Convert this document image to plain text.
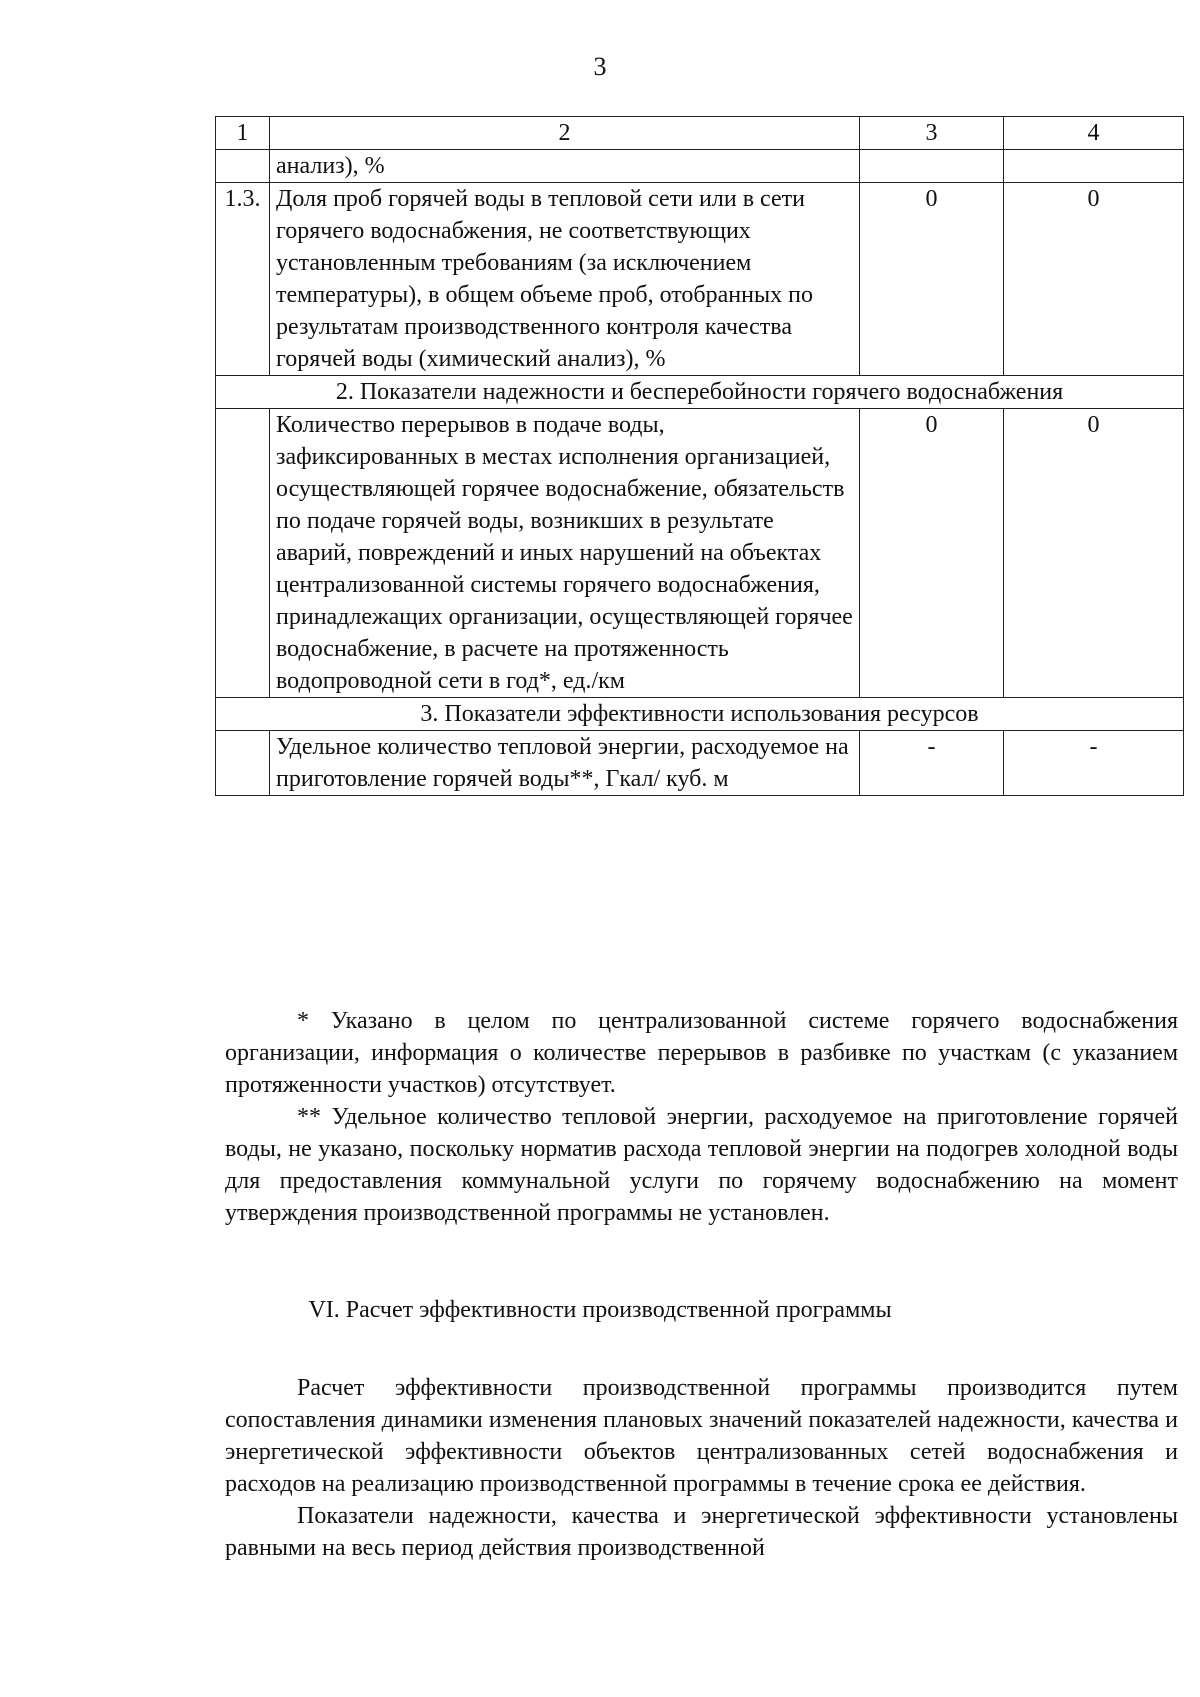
3
1	2	3	4
	анализ), %		
1.3.	Доля проб горячей воды в тепловой сети или в сети горячего водоснабжения, не соответствующих установленным требованиям (за исключением температуры), в общем объеме проб, отобранных по результатам производственного контроля качества горячей воды (химический анализ), %	0	0
2. Показатели надежности и бесперебойности горячего водоснабжения			
	Количество перерывов в подаче воды, зафиксированных в местах исполнения организацией, осуществляющей горячее водоснабжение, обязательств по подаче горячей воды, возникших в результате аварий, повреждений и иных нарушений на объектах централизованной системы горячего водоснабжения, принадлежащих организации, осуществляющей горячее водоснабжение, в расчете на протяженность водопроводной сети в год*, ед./км	0	0
3. Показатели эффективности использования ресурсов			
	Удельное количество тепловой энергии, расходуемое на приготовление горячей воды**, Гкал/ куб. м	-	-

* Указано в целом по централизованной системе горячего водоснабжения организации, информация о количестве перерывов в разбивке по участкам (с указанием протяженности участков) отсутствует.

** Удельное количество тепловой энергии, расходуемое на приготовление горячей воды, не указано, поскольку норматив расхода тепловой энергии на подогрев холодной воды для предоставления коммунальной услуги по горячему водоснабжению на момент утверждения производственной программы не установлен.

VI. Расчет эффективности производственной программы

Расчет эффективности производственной программы производится путем сопоставления динамики изменения плановых значений показателей надежности, качества и энергетической эффективности объектов централизованных сетей водоснабжения и расходов на реализацию производственной программы в течение срока ее действия.

Показатели надежности, качества и энергетической эффективности установлены равными на весь период действия производственной
